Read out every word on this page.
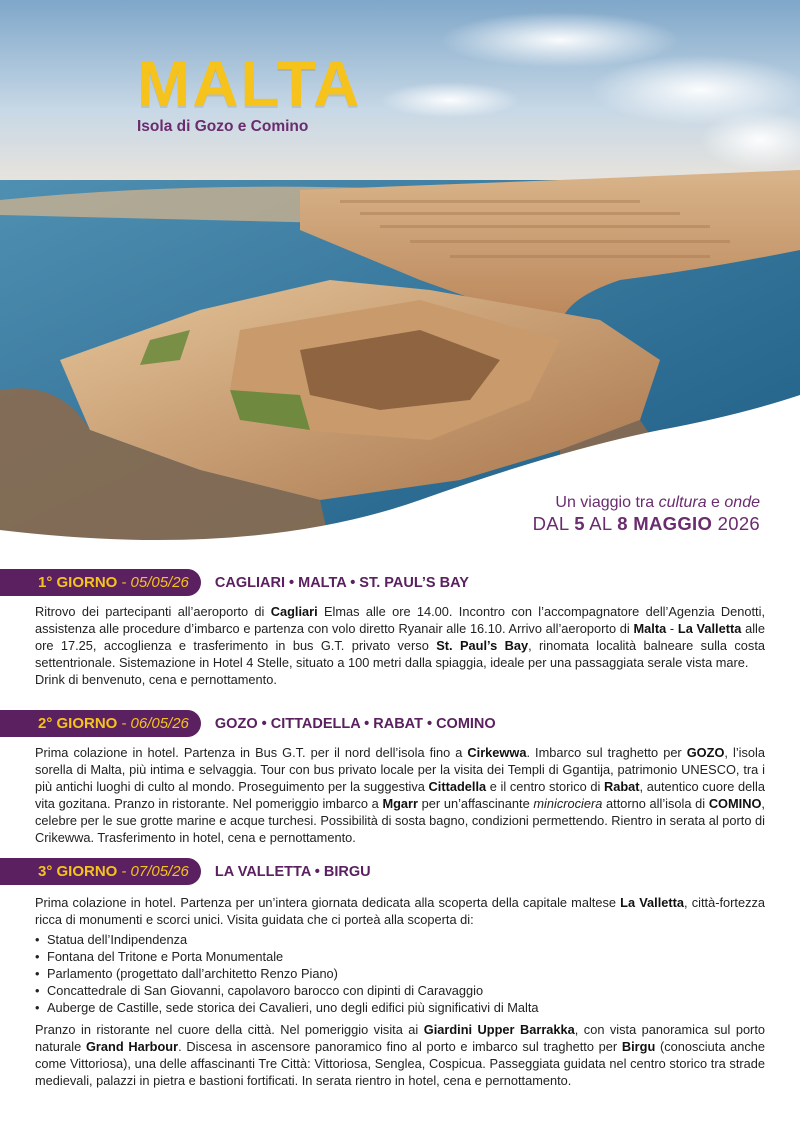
MALTA
Isola di Gozo e Comino
Un viaggio tra cultura e onde
DAL 5 AL 8 MAGGIO 2026
1° GIORNO - 05/05/26 CAGLIARI • MALTA • ST. PAUL’S BAY

Ritrovo dei partecipanti all’aeroporto di Cagliari Elmas alle ore 14.00. Incontro con l’accompagnatore dell’Agenzia Denotti, assistenza alle procedure d’imbarco e partenza con volo diretto Ryanair alle 16.10. Arrivo all’aeroporto di Malta - La Valletta alle ore 17.25, accoglienza e trasferimento in bus G.T. privato verso St. Paul’s Bay, rinomata località balneare sulla costa settentrionale. Sistemazione in Hotel 4 Stelle, situato a 100 metri dalla spiaggia, ideale per una passaggiata serale vista mare.

Drink di benvenuto, cena e pernottamento.

2° GIORNO - 06/05/26 GOZO • CITTADELLA • RABAT • COMINO

Prima colazione in hotel. Partenza in Bus G.T. per il nord dell’isola fino a Cirkewwa. Imbarco sul traghetto per GOZO, l’isola sorella di Malta, più intima e selvaggia. Tour con bus privato locale per la visita dei Templi di Ggantija, patrimonio UNESCO, tra i più antichi luoghi di culto al mondo. Proseguimento per la suggestiva Cittadella e il centro storico di Rabat, autentico cuore della vita gozitana. Pranzo in ristorante. Nel pomeriggio imbarco a Mgarr per un’affascinante minicrociera attorno all’isola di COMINO, celebre per le sue grotte marine e acque turchesi. Possibilità di sosta bagno, condizioni permettendo. Rientro in serata al porto di Crikewwa. Trasferimento in hotel, cena e pernottamento.

3° GIORNO - 07/05/26 LA VALLETTA • BIRGU

Prima colazione in hotel. Partenza per un’intera giornata dedicata alla scoperta della capitale maltese La Valletta, città-fortezza ricca di monumenti e scorci unici. Visita guidata che ci porteà alla scoperta di:

• Statua dell’Indipendenza
• Fontana del Tritone e Porta Monumentale
• Parlamento (progettato dall’architetto Renzo Piano)
• Concattedrale di San Giovanni, capolavoro barocco con dipinti di Caravaggio
• Auberge de Castille, sede storica dei Cavalieri, uno degli edifici più significativi di Malta

Pranzo in ristorante nel cuore della città. Nel pomeriggio visita ai Giardini Upper Barrakka, con vista panoramica sul porto naturale Grand Harbour. Discesa in ascensore panoramico fino al porto e imbarco sul traghetto per Birgu (conosciuta anche come Vittoriosa), una delle affascinanti Tre Città: Vittoriosa, Senglea, Cospicua. Passeggiata guidata nel centro storico tra strade medievali, palazzi in pietra e bastioni fortificati. In serata rientro in hotel, cena e pernottamento.
